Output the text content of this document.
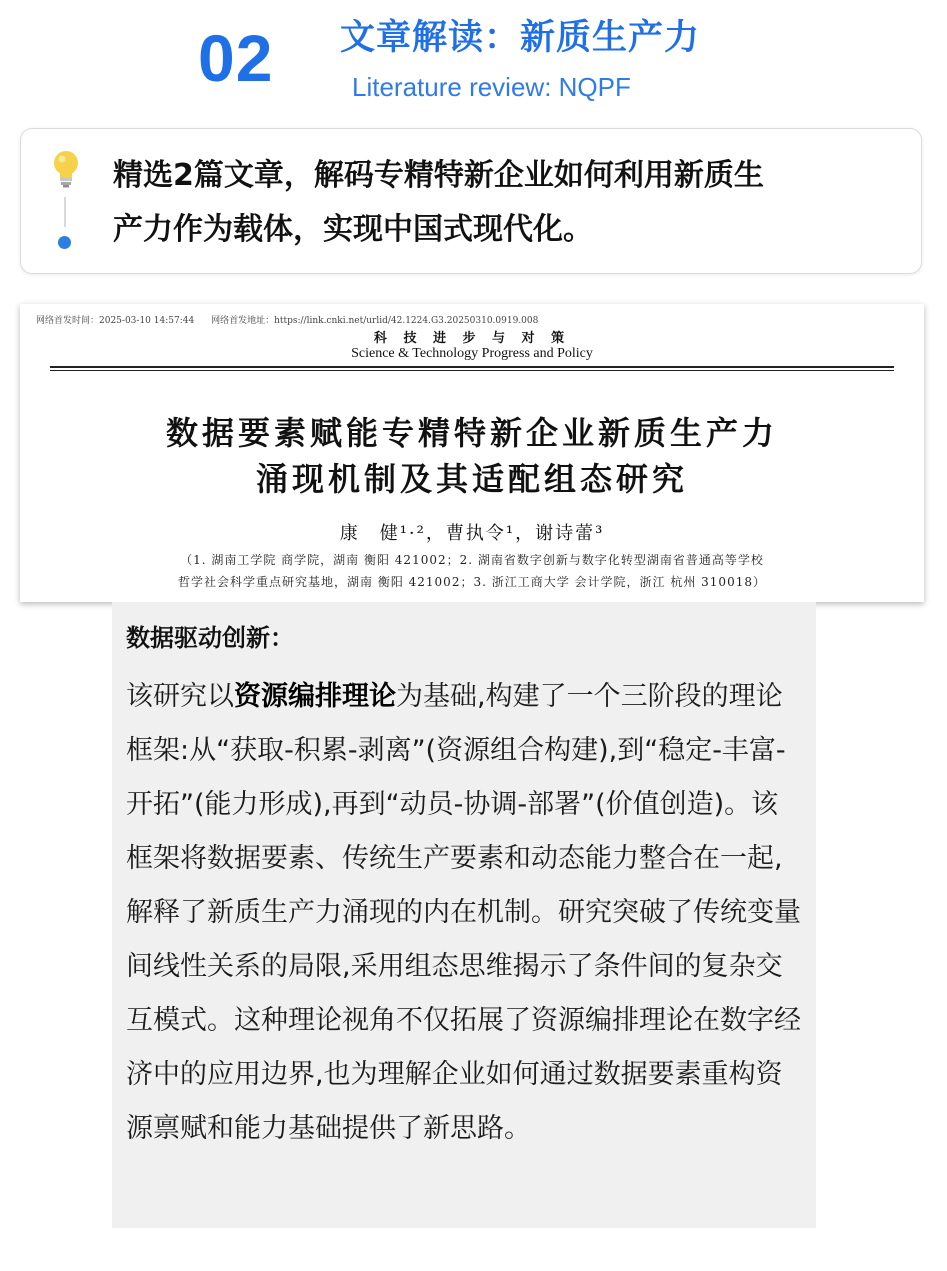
02 文章解读：新质生产力
Literature review: NQPF
精选2篇文章，解码专精特新企业如何利用新质生
产力作为载体，实现中国式现代化。
网络首发时间：2025-03-10 14:57:44 网络首发地址：https://link.cnki.net/urlid/42.1224.G3.20250310.0919.008
科 技 进 步 与 对 策
Science & Technology Progress and Policy
数据要素赋能专精特新企业新质生产力
涌现机制及其适配组态研究
康　健¹·²，曹执令¹，谢诗蕾³
（1. 湖南工学院 商学院，湖南 衡阳 421002；2. 湖南省数字创新与数字化转型湖南省普通高等学校
哲学社会科学重点研究基地，湖南 衡阳 421002；3. 浙江工商大学 会计学院，浙江 杭州 310018）
数据驱动创新：
该研究以资源编排理论为基础,构建了一个三阶段的理论框架:从“获取-积累-剥离”(资源组合构建),到“稳定-丰富-开拓”(能力形成),再到“动员-协调-部署”(价值创造)。该框架将数据要素、传统生产要素和动态能力整合在一起,解释了新质生产力涌现的内在机制。研究突破了传统变量间线性关系的局限,采用组态思维揭示了条件间的复杂交互模式。这种理论视角不仅拓展了资源编排理论在数字经济中的应用边界,也为理解企业如何通过数据要素重构资源禀赋和能力基础提供了新思路。
